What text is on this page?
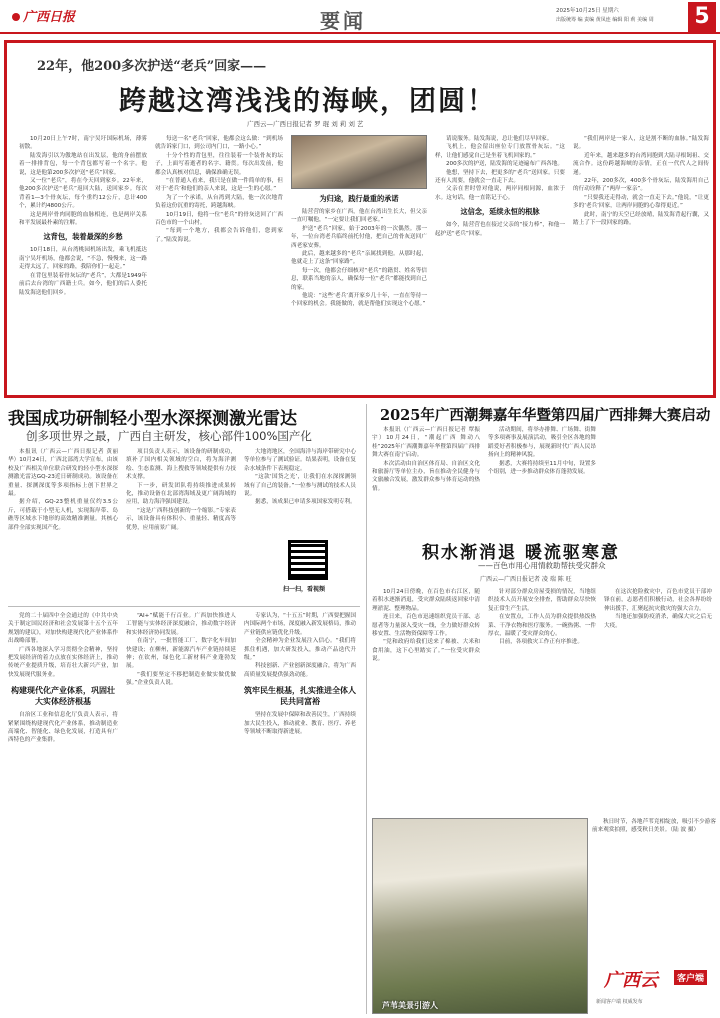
广西日报	要闻	2025年10月25日 星期六
出版统筹 编 责编 黄凤连 编辑 阳 莉 美编 周 5
22年，他200多次护送“老兵”回家——
跨越这湾浅浅的海峡，团圆！
广西云—广西日报记者 罗 琨 刘 莉 刘 艺

10月20日上午7时，南宁吴圩国际机场，薄雾初散。

陆发海引以为傲地站在出发层，他的身前摆放着一排排背包，每一个背包都写着一个名字。他说，这是他第200多次护送“老兵”回家。

又一位“老兵”，将在今天回到家乡。22年来，他200多次护送“老兵”返回大陆，送回家乡。每次背着1—3个骨灰坛，每个重约12公斤，总计400个，累计约4800公斤。

这是两岸骨肉同胞的血脉相连，也是两岸关系和平发展最朴素的注解。

这背包，装着最深的乡愁

10月18日，从台湾桃园机场出发，乘飞机抵达南宁吴圩机场，他都会说，“不急，慢慢来，这一路走得太远了，回家的路，我陪你们一起走。”

在背包里装着骨灰坛的“老兵”，大都是1949年前后去台湾的广西籍士兵。如今，他们的后人委托陆发海送他们回乡。

每送一名“老兵”回家，他都会这么做：“到机场就告诉家门口，到公司内门口，一路小心。”

十分个性的背包里，往往装着一个装骨灰的坛子，上面写着逝者的名字、籍贯。每次出发前，他都会认真核对信息，确保准确无误。

“在普通人看来，我只是在做一件简单的事，但对于‘老兵’和他们的亲人来说，这是一生的心愿。”

为了一个承诺，从台湾到大陆，他一次次地背负着这份沉重的寄托，跨越海峡。

10月19日，他将一位“老兵”的骨灰送回了广西百色市的一个山村。

“每到一个地方，我都会告诉他们，您到家了。”陆发海说。

为归途，践行最重的承诺

陆营营的家乡在广西，他在台湾出生长大，但父亲一直叮嘱他，“一定要让我们回老家。”

护送“老兵”回家，始于2003年的一次偶然。那一年，一位台湾老兵临终前托付他，把自己的骨灰送回广西老家安葬。

此后，越来越多的“老兵”亲属找到他。从那时起，他就走上了这条“回家路”。

每一次，他都会仔细核对“老兵”的籍贯、姓名等信息，联系当地的亲人，确保每一位“老兵”都能找到自己的家。

他说：“这些‘老兵’离开家乡几十年，一直在等待一个回家的机会。我能做的，就是帮他们实现这个心愿。”

请说服务。陆发海说，总让他们尽早回家。

飞机上，他会留出座位专门放置骨灰坛。“这样，让他们感觉自己是坐着飞机回家的。”

200多次的护送，陆发海的足迹遍布广西各地。

他想，坚持下去，把更多的“老兵”送回家。只要还有人需要，他就会一直走下去。

父亲在世时曾对他说，两岸同根同源，血浓于水。这句话，他一直铭记于心。

这信念，延续永恒的根脉

如今，陆营营也在接过父亲的“接力棒”，和他一起护送“老兵”回家。

“我们两岸是一家人，这是割不断的血脉。”陆发海说。

近年来，越来越多的台湾同胞到大陆寻根谒祖、交流合作。这份跨越海峡的亲情，正在一代代人之间传递。

22年，200多次，400多个骨灰坛，陆发海用自己的行动诠释了“两岸一家亲”。

“只要我还走得动，就会一直走下去。”他说，“让更多的‘老兵’回家，让两岸同胞的心靠得更近。”

此时，南宁的天空已经放晴，陆发海背起行囊，又踏上了下一段回家的路。

我国成功研制轻小型水深探测激光雷达
创多项世界之最，广西自主研发，核心部件100%国产化

本报讯（广西云—广西日报记者 黄丽华）10月24日，广西北部湾大学宣布，由该校及广西相关单位联合研发的轻小型水深探测激光雷达GQ-23近日研制成功。该设备在重量、探测深度等多项指标上创下世界之最。

据介绍，GQ-23整机重量仅约3.5公斤，可搭载于小型无人机，实现海岸带、岛礁等区域水下地形的高效精准测量。其核心部件全部实现国产化。

项目负责人表示，该设备的研制成功，填补了国内相关领域的空白，将为海洋测绘、生态监测、海上搜救等领域提供有力技术支撑。

下一步，研发团队将持续推进成果转化，推动设备在北部湾海域及更广阔海域的应用，助力海洋强国建设。

“这是广西科技创新的一个缩影。”专家表示，该设备具有体积小、重量轻、精度高等优势，应用前景广阔。

大地湾地区，全国海洋与海岸带研究中心等单位参与了测试验证。结果表明，设备在复杂水域条件下表现稳定。

“这款‘国货之光’，让我们在水深探测领域有了自己的装备。”一位参与测试的技术人员说。

据悉，该成果已申请多项国家发明专利。

扫一扫，看视频

党的二十届四中全会通过的《中共中央关于制定国民经济和社会发展第十五个五年规划的建议》，对加快构建现代化产业体系作出战略部署。

广西各地深入学习贯彻全会精神，坚持把发展经济的着力点放在实体经济上，推动传统产业提质升级，培育壮大新兴产业，加快发展现代服务业。

构建现代化产业体系，巩固壮大实体经济根基

自治区工业和信息化厅负责人表示，将紧紧围绕构建现代化产业体系，推动制造业高端化、智能化、绿色化发展，打造具有广西特色的产业集群。

“AI+”赋能千行百业。广西加快推进人工智能与实体经济深度融合，推动数字经济和实体经济协同发展。

在南宁，一批智能工厂、数字化车间加快建设；在柳州，新能源汽车产业链持续延伸；在钦州，绿色化工新材料产业蓬勃发展。

“我们要坚定不移把制造业做实做优做强。”企业负责人说。

专家认为，“十五五”时期，广西要把握国内国际两个市场，深度融入新发展格局，推动产业链供应链优化升级。

全会精神为企业发展注入信心。“我们将抓住机遇，加大研发投入，推动产品迭代升级。”

科技创新、产业创新深度融合，将为广西高质量发展提供强劲动能。

筑牢民生根基，扎实推进全体人民共同富裕

坚持在发展中保障和改善民生，广西持续加大民生投入，推动就业、教育、医疗、养老等领域不断取得新进展。

2025年广西潮舞嘉年华暨第四届广西排舞大赛启动

本报讯（广西云—广西日报记者 覃振宇）10月24日，“潮起广西 舞动八桂”2025年广西潮舞嘉年华暨第四届广西排舞大赛在南宁启动。

本次活动由自治区体育局、自治区文化和旅游厅等单位主办，旨在推动全民健身与文旅融合发展，激发群众参与体育运动的热情。

活动期间，将举办排舞、广场舞、街舞等多项赛事及展演活动，吸引全区各地的舞蹈爱好者积极参与，展现新时代广西人民昂扬向上的精神风貌。

据悉，大赛将持续至11月中旬，设置多个组别，进一步推动群众体育蓬勃发展。

积水渐消退 暖流驱寒意
——百色市用心用情救助帮扶受灾群众
广西云—广西日报记者 凌 瑞 陈 旺

10月24日傍晚，在百色市右江区，随着积水逐渐消退，受灾群众陆续返回家中清理淤泥、整理物品。

连日来，百色市迅速组织党员干部、志愿者等力量深入受灾一线，全力做好群众转移安置、生活物资保障等工作。

“党和政府给我们送来了棉被、大米和食用油，这下心里踏实了。”一位受灾群众说。

针对部分群众房屋受损的情况，当地组织技术人员开展安全排查，帮助群众尽快恢复正常生产生活。

在安置点，工作人员为群众提供热饭热菜、干净衣物和医疗服务。一碗热粥、一件厚衣，温暖了受灾群众的心。

目前，各项救灾工作正有序推进。

在这次抢险救灾中，百色市党员干部冲锋在前，志愿者们积极行动，社会各界纷纷伸出援手，汇聚起抗灾救灾的强大合力。

当地还加强防疫消杀，确保大灾之后无大疫。

芦苇美景引游人

秋日时节，各地芦苇竞相绽放，吸引不少游客前来观赏拍照，感受秋日美景。（陆 波 摄）

广西云	客户端
新闻客户端 权威发布
